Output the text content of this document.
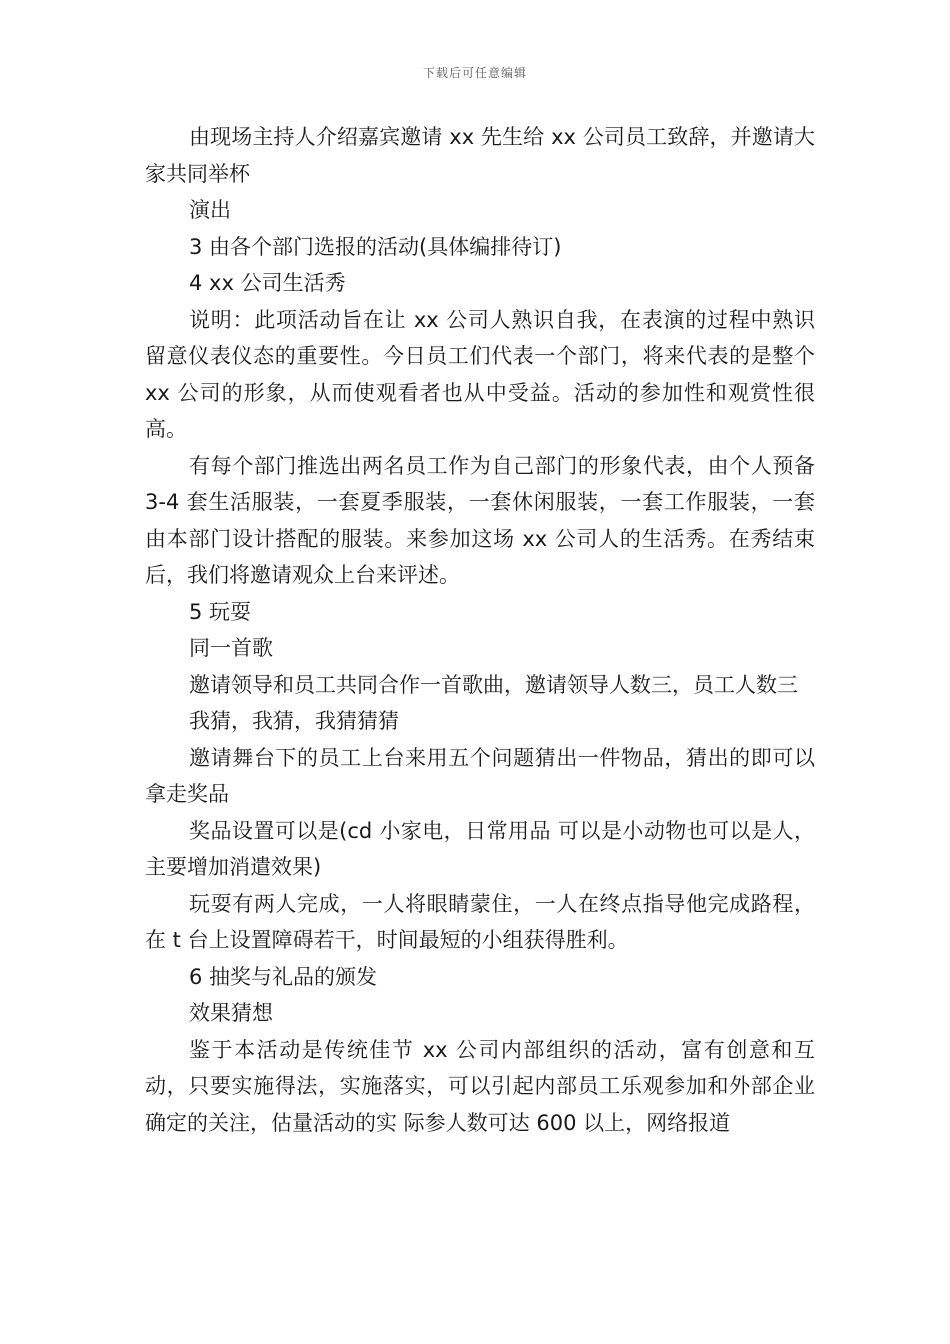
下载后可任意编辑

由现场主持人介绍嘉宾邀请 xx 先生给 xx 公司员工致辞，并邀请大家共同举杯

演出

3 由各个部门选报的活动(具体编排待订)

4 xx 公司生活秀

说明：此项活动旨在让 xx 公司人熟识自我，在表演的过程中熟识留意仪表仪态的重要性。今日员工们代表一个部门，将来代表的是整个 xx 公司的形象，从而使观看者也从中受益。活动的参加性和观赏性很高。

有每个部门推选出两名员工作为自己部门的形象代表，由个人预备 3-4 套生活服装，一套夏季服装，一套休闲服装，一套工作服装，一套由本部门设计搭配的服装。来参加这场 xx 公司人的生活秀。在秀结束后，我们将邀请观众上台来评述。

5 玩耍

同一首歌

邀请领导和员工共同合作一首歌曲，邀请领导人数三，员工人数三

我猜，我猜，我猜猜猜

邀请舞台下的员工上台来用五个问题猜出一件物品，猜出的即可以拿走奖品

奖品设置可以是(cd 小家电，日常用品 可以是小动物也可以是人，主要增加消遣效果)

玩耍有两人完成，一人将眼睛蒙住，一人在终点指导他完成路程，在 t 台上设置障碍若干，时间最短的小组获得胜利。

6 抽奖与礼品的颁发

效果猜想

鉴于本活动是传统佳节 xx 公司内部组织的活动，富有创意和互动，只要实施得法，实施落实，可以引起内部员工乐观参加和外部企业确定的关注，估量活动的实 际参人数可达 600 以上，网络报道
